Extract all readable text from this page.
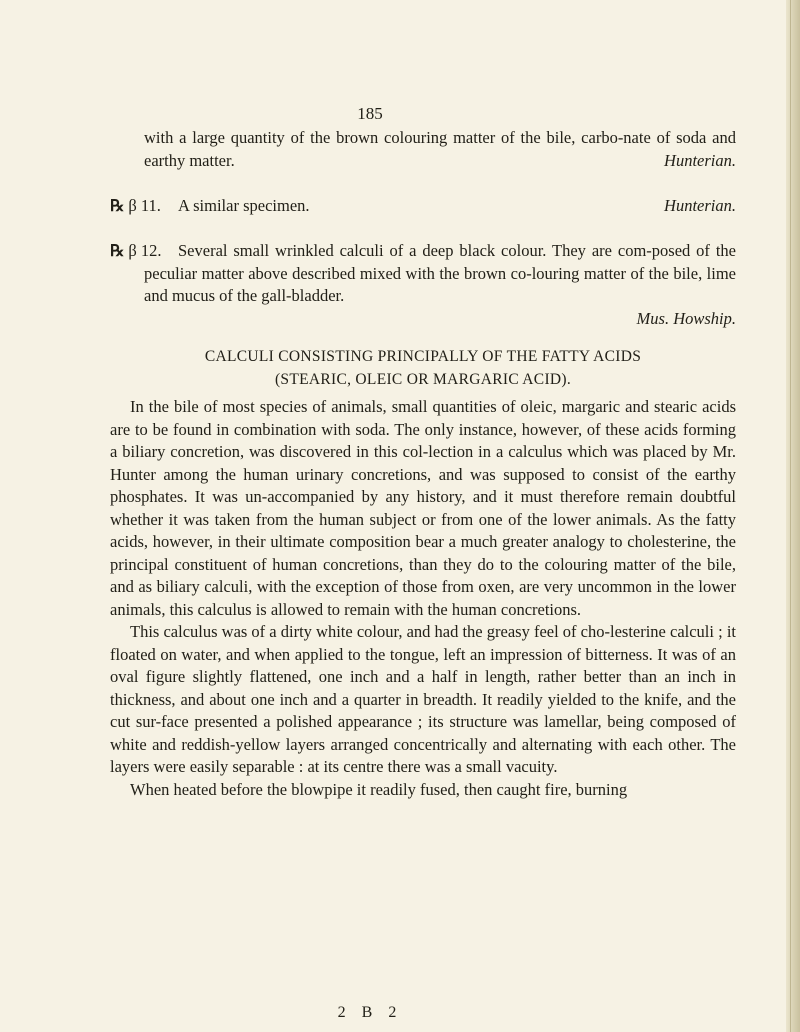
185
with a large quantity of the brown colouring matter of the bile, carbo-nate of soda and earthy matter.	Hunterian.
℞ β 11. A similar specimen.	Hunterian.
℞ β 12. Several small wrinkled calculi of a deep black colour. They are com-posed of the peculiar matter above described mixed with the brown co-louring matter of the bile, lime and mucus of the gall-bladder.
Mus. Howship.
CALCULI CONSISTING PRINCIPALLY OF THE FATTY ACIDS
(STEARIC, OLEIC OR MARGARIC ACID).

In the bile of most species of animals, small quantities of oleic, margaric and stearic acids are to be found in combination with soda. The only instance, however, of these acids forming a biliary concretion, was discovered in this col-lection in a calculus which was placed by Mr. Hunter among the human urinary concretions, and was supposed to consist of the earthy phosphates. It was un-accompanied by any history, and it must therefore remain doubtful whether it was taken from the human subject or from one of the lower animals. As the fatty acids, however, in their ultimate composition bear a much greater analogy to cholesterine, the principal constituent of human concretions, than they do to the colouring matter of the bile, and as biliary calculi, with the exception of those from oxen, are very uncommon in the lower animals, this calculus is allowed to remain with the human concretions.

This calculus was of a dirty white colour, and had the greasy feel of cho-lesterine calculi ; it floated on water, and when applied to the tongue, left an impression of bitterness. It was of an oval figure slightly flattened, one inch and a half in length, rather better than an inch in thickness, and about one inch and a quarter in breadth. It readily yielded to the knife, and the cut sur-face presented a polished appearance ; its structure was lamellar, being composed of white and reddish-yellow layers arranged concentrically and alternating with each other. The layers were easily separable : at its centre there was a small vacuity.

When heated before the blowpipe it readily fused, then caught fire, burning

2 B 2
